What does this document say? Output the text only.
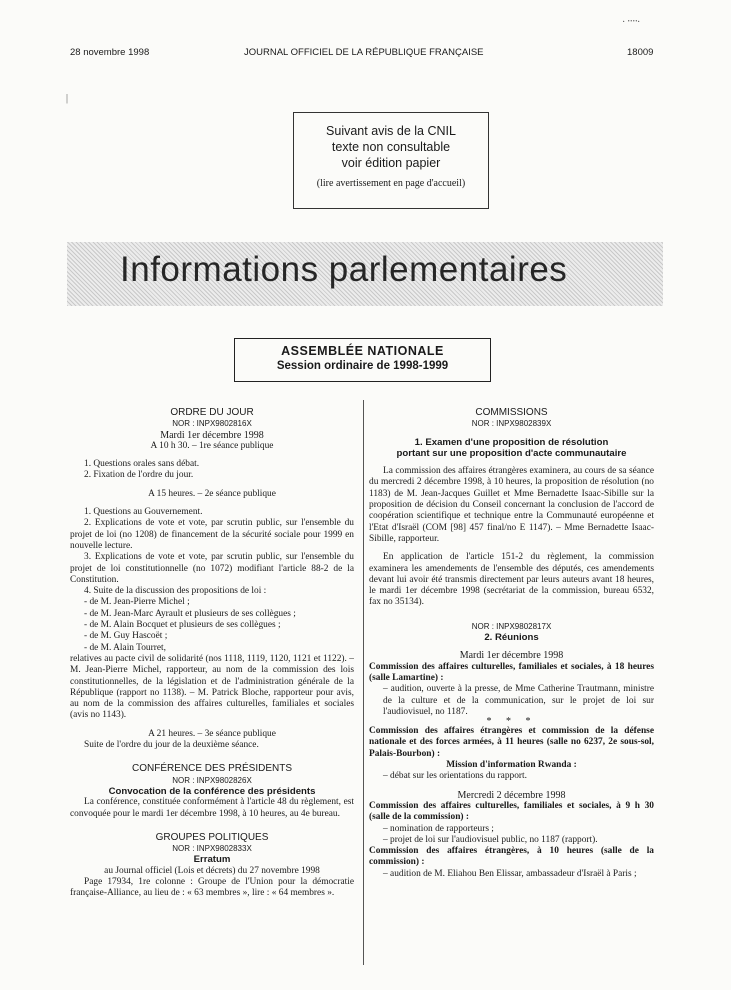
28 novembre 1998	JOURNAL OFFICIEL DE LA RÉPUBLIQUE FRANÇAISE	18009
·᠁·
|
Suivant avis de la CNIL
texte non consultable
voir édition papier
(lire avertissement en page d'accueil)
Informations parlementaires
ASSEMBLÉE NATIONALE
Session ordinaire de 1998-1999

ORDRE DU JOUR

NOR : INPX9802816X

Mardi 1er décembre 1998

A 10 h 30. – 1re séance publique

1. Questions orales sans débat.

2. Fixation de l'ordre du jour.

A 15 heures. – 2e séance publique

1. Questions au Gouvernement.

2. Explications de vote et vote, par scrutin public, sur l'ensemble du projet de loi (no 1208) de financement de la sécurité sociale pour 1999 en nouvelle lecture.

3. Explications de vote et vote, par scrutin public, sur l'ensemble du projet de loi constitutionnelle (no 1072) modifiant l'article 88-2 de la Constitution.

4. Suite de la discussion des propositions de loi :

- de M. Jean-Pierre Michel ;

- de M. Jean-Marc Ayrault et plusieurs de ses collègues ;

- de M. Alain Bocquet et plusieurs de ses collègues ;

- de M. Guy Hascoët ;

- de M. Alain Tourret,

relatives au pacte civil de solidarité (nos 1118, 1119, 1120, 1121 et 1122). – M. Jean-Pierre Michel, rapporteur, au nom de la commission des lois constitutionnelles, de la législation et de l'administration générale de la République (rapport no 1138). – M. Patrick Bloche, rapporteur pour avis, au nom de la commission des affaires culturelles, familiales et sociales (avis no 1143).

A 21 heures. – 3e séance publique

Suite de l'ordre du jour de la deuxième séance.

CONFÉRENCE DES PRÉSIDENTS

NOR : INPX9802826X

Convocation de la conférence des présidents

La conférence, constituée conformément à l'article 48 du règlement, est convoquée pour le mardi 1er décembre 1998, à 10 heures, au 4e bureau.

GROUPES POLITIQUES

NOR : INPX9802833X

Erratum

au Journal officiel (Lois et décrets) du 27 novembre 1998

Page 17934, 1re colonne : Groupe de l'Union pour la démocratie française-Alliance, au lieu de : « 63 membres », lire : « 64 membres ».

COMMISSIONS

NOR : INPX9802839X

1. Examen d'une proposition de résolution

portant sur une proposition d'acte communautaire

La commission des affaires étrangères examinera, au cours de sa séance du mercredi 2 décembre 1998, à 10 heures, la proposition de résolution (no 1183) de M. Jean-Jacques Guillet et Mme Bernadette Isaac-Sibille sur la proposition de décision du Conseil concernant la conclusion de l'accord de coopération scientifique et technique entre la Communauté européenne et l'Etat d'Israël (COM [98] 457 final/no E 1147). – Mme Bernadette Isaac-Sibille, rapporteur.

En application de l'article 151-2 du règlement, la commission examinera les amendements de l'ensemble des députés, ces amendements devant lui avoir été transmis directement par leurs auteurs avant 18 heures, le mardi 1er décembre 1998 (secrétariat de la commission, bureau 6532, fax no 35134).

NOR : INPX9802817X

2. Réunions

Mardi 1er décembre 1998

Commission des affaires culturelles, familiales et sociales, à 18 heures (salle Lamartine) :

– audition, ouverte à la presse, de Mme Catherine Trautmann, ministre de la culture et de la communication, sur le projet de loi sur l'audiovisuel, no 1187.

* * *

Commission des affaires étrangères et commission de la défense nationale et des forces armées, à 11 heures (salle no 6237, 2e sous-sol, Palais-Bourbon) :

Mission d'information Rwanda :

– débat sur les orientations du rapport.

Mercredi 2 décembre 1998

Commission des affaires culturelles, familiales et sociales, à 9 h 30 (salle de la commission) :

– nomination de rapporteurs ;

– projet de loi sur l'audiovisuel public, no 1187 (rapport).

Commission des affaires étrangères, à 10 heures (salle de la commission) :

– audition de M. Eliahou Ben Elissar, ambassadeur d'Israël à Paris ;
